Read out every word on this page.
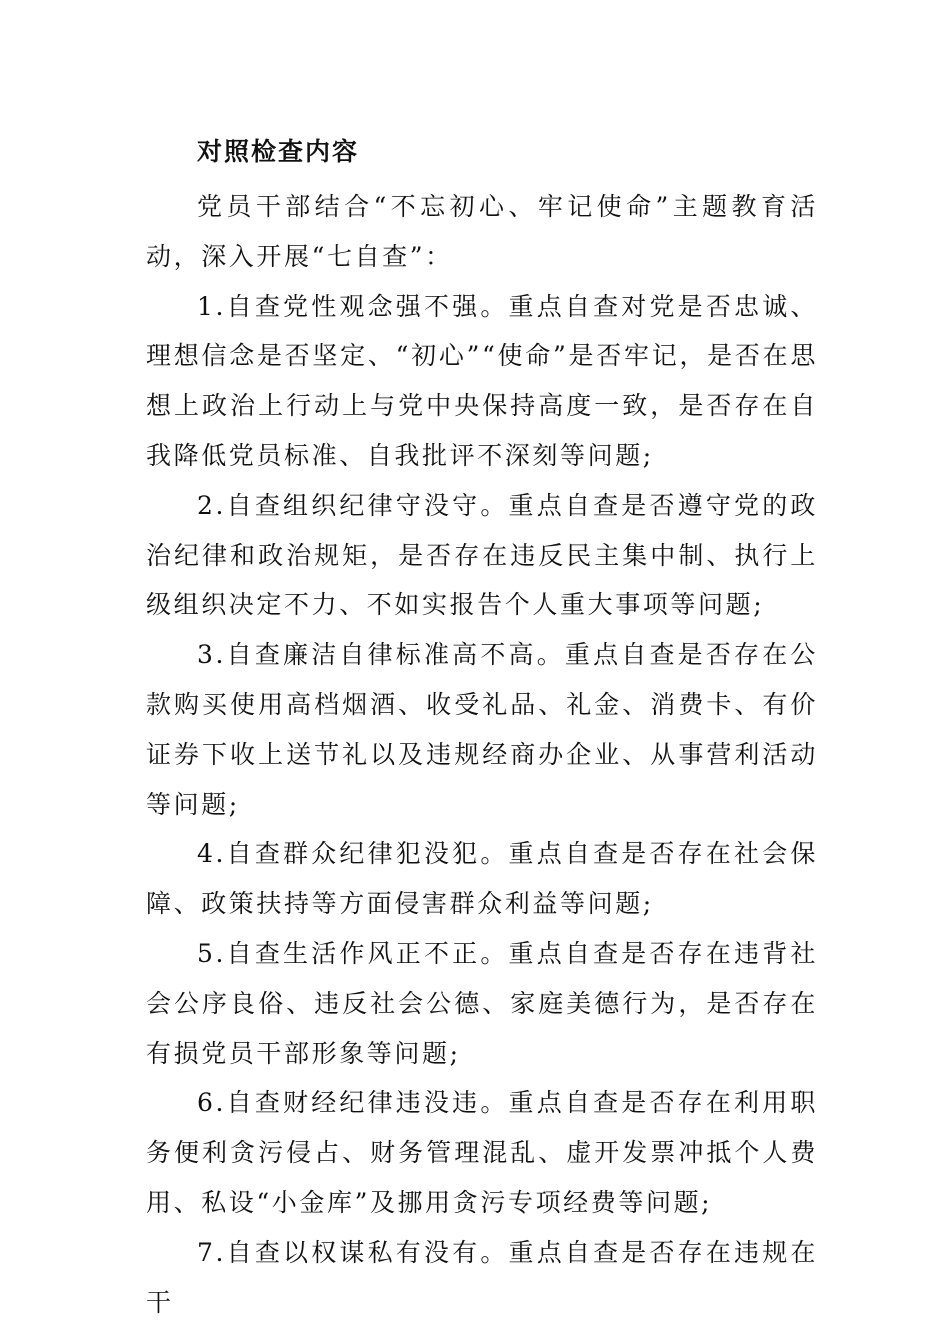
对照检查内容

党员干部结合“不忘初心、牢记使命”主题教育活动，深入开展“七自查”：

1.自查党性观念强不强。重点自查对党是否忠诚、理想信念是否坚定、“初心”“使命”是否牢记，是否在思想上政治上行动上与党中央保持高度一致，是否存在自我降低党员标准、自我批评不深刻等问题;

2.自查组织纪律守没守。重点自查是否遵守党的政治纪律和政治规矩，是否存在违反民主集中制、执行上级组织决定不力、不如实报告个人重大事项等问题;

3.自查廉洁自律标准高不高。重点自查是否存在公款购买使用高档烟酒、收受礼品、礼金、消费卡、有价证券下收上送节礼以及违规经商办企业、从事营利活动等问题;

4.自查群众纪律犯没犯。重点自查是否存在社会保障、政策扶持等方面侵害群众利益等问题;

5.自查生活作风正不正。重点自查是否存在违背社会公序良俗、违反社会公德、家庭美德行为，是否存在有损党员干部形象等问题;

6.自查财经纪律违没违。重点自查是否存在利用职务便利贪污侵占、财务管理混乱、虚开发票冲抵个人费用、私设“小金库”及挪用贪污专项经费等问题;

7.自查以权谋私有没有。重点自查是否存在违规在干
